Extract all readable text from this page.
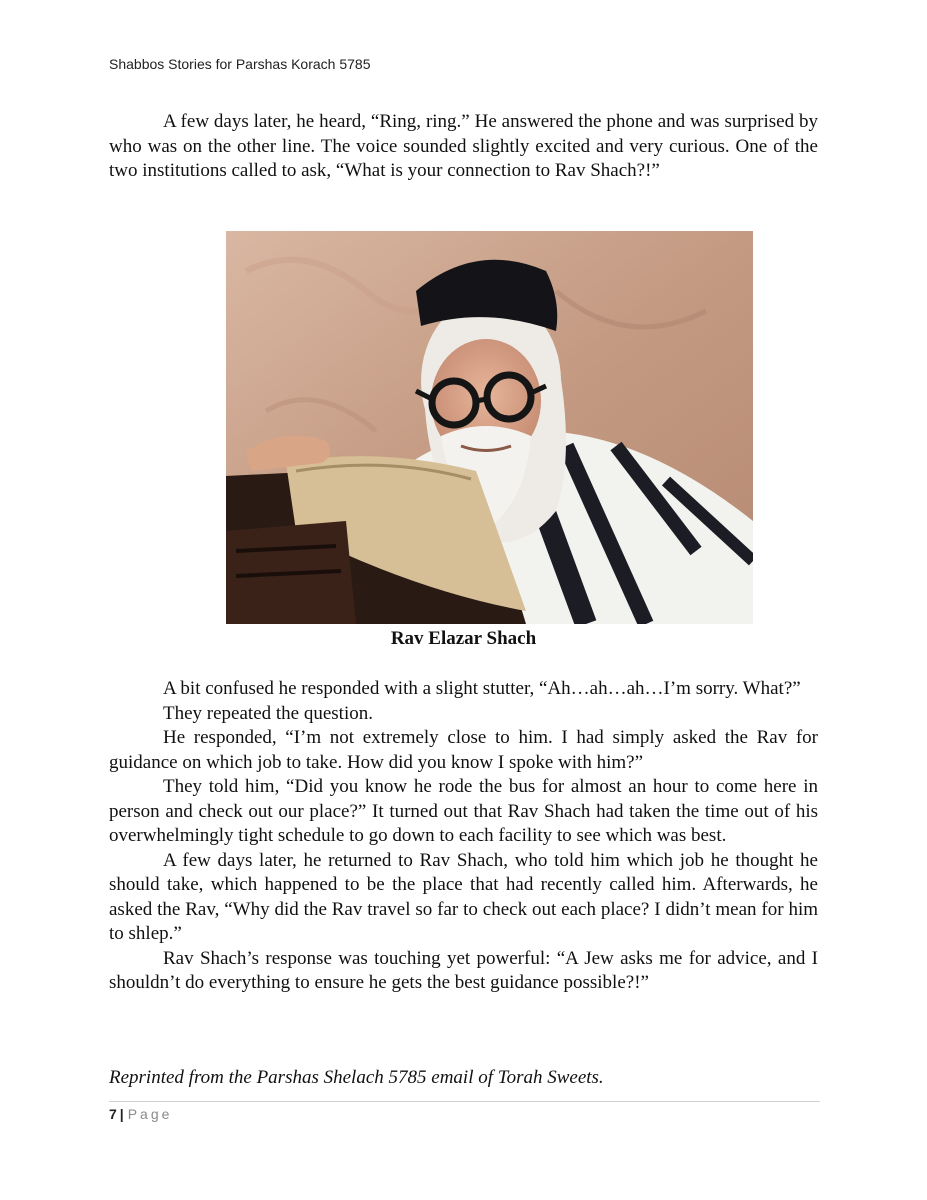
Shabbos Stories for Parshas Korach 5785

A few days later, he heard, “Ring, ring.” He answered the phone and was surprised by who was on the other line. The voice sounded slightly excited and very curious. One of the two institutions called to ask, “What is your connection to Rav Shach?!”

Rav Elazar Shach

A bit confused he responded with a slight stutter, “Ah…ah…ah…I’m sorry. What?”

They repeated the question.

He responded, “I’m not extremely close to him. I had simply asked the Rav for guidance on which job to take. How did you know I spoke with him?”

They told him, “Did you know he rode the bus for almost an hour to come here in person and check out our place?” It turned out that Rav Shach had taken the time out of his overwhelmingly tight schedule to go down to each facility to see which was best.

A few days later, he returned to Rav Shach, who told him which job he thought he should take, which happened to be the place that had recently called him. Afterwards, he asked the Rav, “Why did the Rav travel so far to check out each place? I didn’t mean for him to shlep.”

Rav Shach’s response was touching yet powerful: “A Jew asks me for advice, and I shouldn’t do everything to ensure he gets the best guidance possible?!”

Reprinted from the Parshas Shelach 5785 email of Torah Sweets.
7 | Page
